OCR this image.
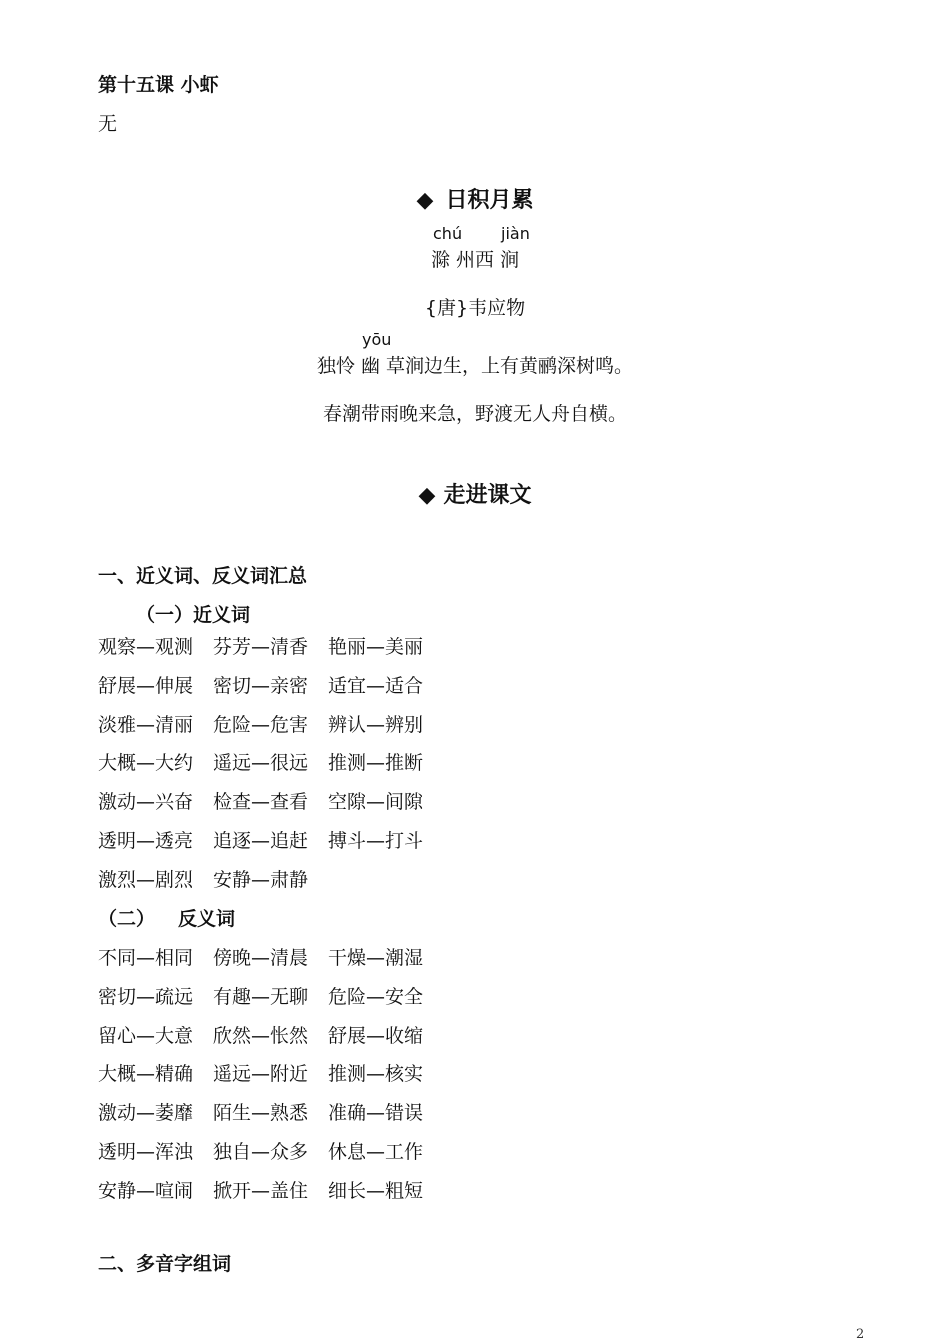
第十五课 小虾
无
◆ 日积月累
chú jiàn
滁 州西 涧
{唐}韦应物
yōu
独怜 幽 草涧边生，上有黄鹂深树鸣。
春潮带雨晚来急，野渡无人舟自横。
◆ 走进课文
一、近义词、反义词汇总
（一）近义词
观察—观测 芬芳—清香 艳丽—美丽
舒展—伸展 密切—亲密 适宜—适合
淡雅—清丽 危险—危害 辨认—辨别
大概—大约 遥远—很远 推测—推断
激动—兴奋 检查—查看 空隙—间隙
透明—透亮 追逐—追赶 搏斗—打斗
激烈—剧烈 安静—肃静
（二） 反义词
不同—相同 傍晚—清晨 干燥—潮湿
密切—疏远 有趣—无聊 危险—安全
留心—大意 欣然—怅然 舒展—收缩
大概—精确 遥远—附近 推测—核实
激动—萎靡 陌生—熟悉 准确—错误
透明—浑浊 独自—众多 休息—工作
安静—喧闹 掀开—盖住 细长—粗短
二、多音字组词
2
